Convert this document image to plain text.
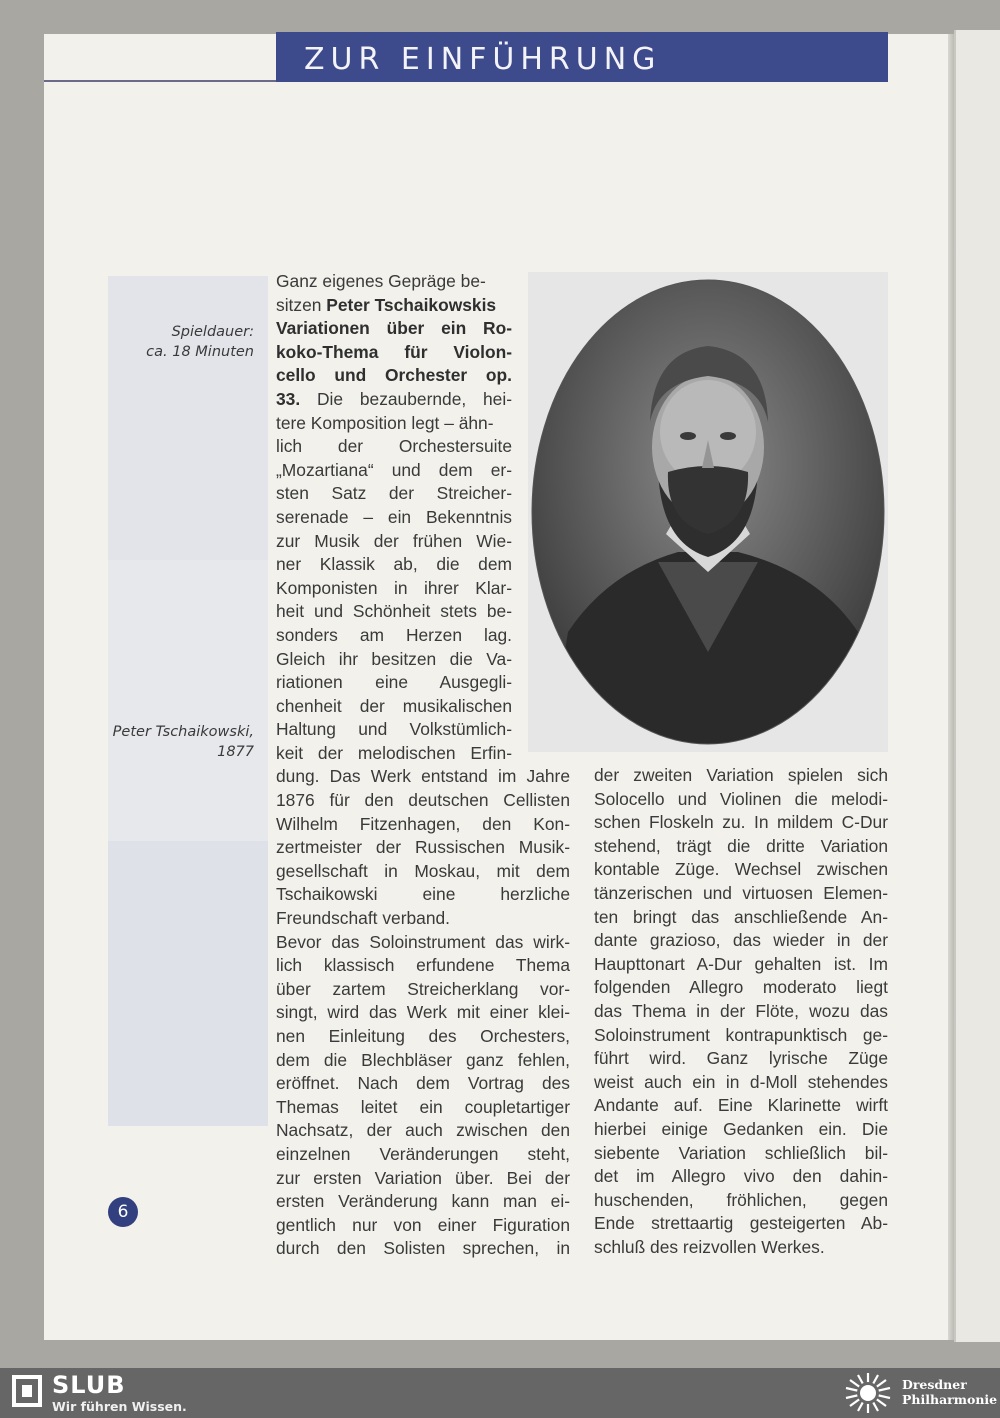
ZUR EINFÜHRUNG
Spieldauer:
ca. 18 Minuten
Peter Tschaikowski,
1877
6

Ganz eigenes Gepräge be-

sitzen Peter Tschaikowskis

Variationen über ein Ro-

koko-Thema für Violon-

cello und Orchester op.

33. Die bezaubernde, hei-

tere Komposition legt – ähn-

lich der Orchestersuite

„Mozartiana“ und dem er-

sten Satz der Streicher-

serenade – ein Bekenntnis

zur Musik der frühen Wie-

ner Klassik ab, die dem

Komponisten in ihrer Klar-

heit und Schönheit stets be-

sonders am Herzen lag.

Gleich ihr besitzen die Va-

riationen eine Ausgegli-

chenheit der musikalischen

Haltung und Volkstümlich-

keit der melodischen Erfin-

dung. Das Werk entstand im Jahre

1876 für den deutschen Cellisten

Wilhelm Fitzenhagen, den Kon-

zertmeister der Russischen Musik-

gesellschaft in Moskau, mit dem

Tschaikowski eine herzliche

Freundschaft verband.

Bevor das Soloinstrument das wirk-

lich klassisch erfundene Thema

über zartem Streicherklang vor-

singt, wird das Werk mit einer klei-

nen Einleitung des Orchesters,

dem die Blechbläser ganz fehlen,

eröffnet. Nach dem Vortrag des

Themas leitet ein coupletartiger

Nachsatz, der auch zwischen den

einzelnen Veränderungen steht,

zur ersten Variation über. Bei der

ersten Veränderung kann man ei-

gentlich nur von einer Figuration

durch den Solisten sprechen, in

der zweiten Variation spielen sich

Solocello und Violinen die melodi-

schen Floskeln zu. In mildem C-Dur

stehend, trägt die dritte Variation

kontable Züge. Wechsel zwischen

tänzerischen und virtuosen Elemen-

ten bringt das anschließende An-

dante grazioso, das wieder in der

Haupttonart A-Dur gehalten ist. Im

folgenden Allegro moderato liegt

das Thema in der Flöte, wozu das

Soloinstrument kontrapunktisch ge-

führt wird. Ganz lyrische Züge

weist auch ein in d-Moll stehendes

Andante auf. Eine Klarinette wirft

hierbei einige Gedanken ein. Die

siebente Variation schließlich bil-

det im Allegro vivo den dahin-

huschenden, fröhlichen, gegen

Ende strettaartig gesteigerten Ab-

schluß des reizvollen Werkes.

SLUB
Wir führen Wissen.
Dresdner
Philharmonie
